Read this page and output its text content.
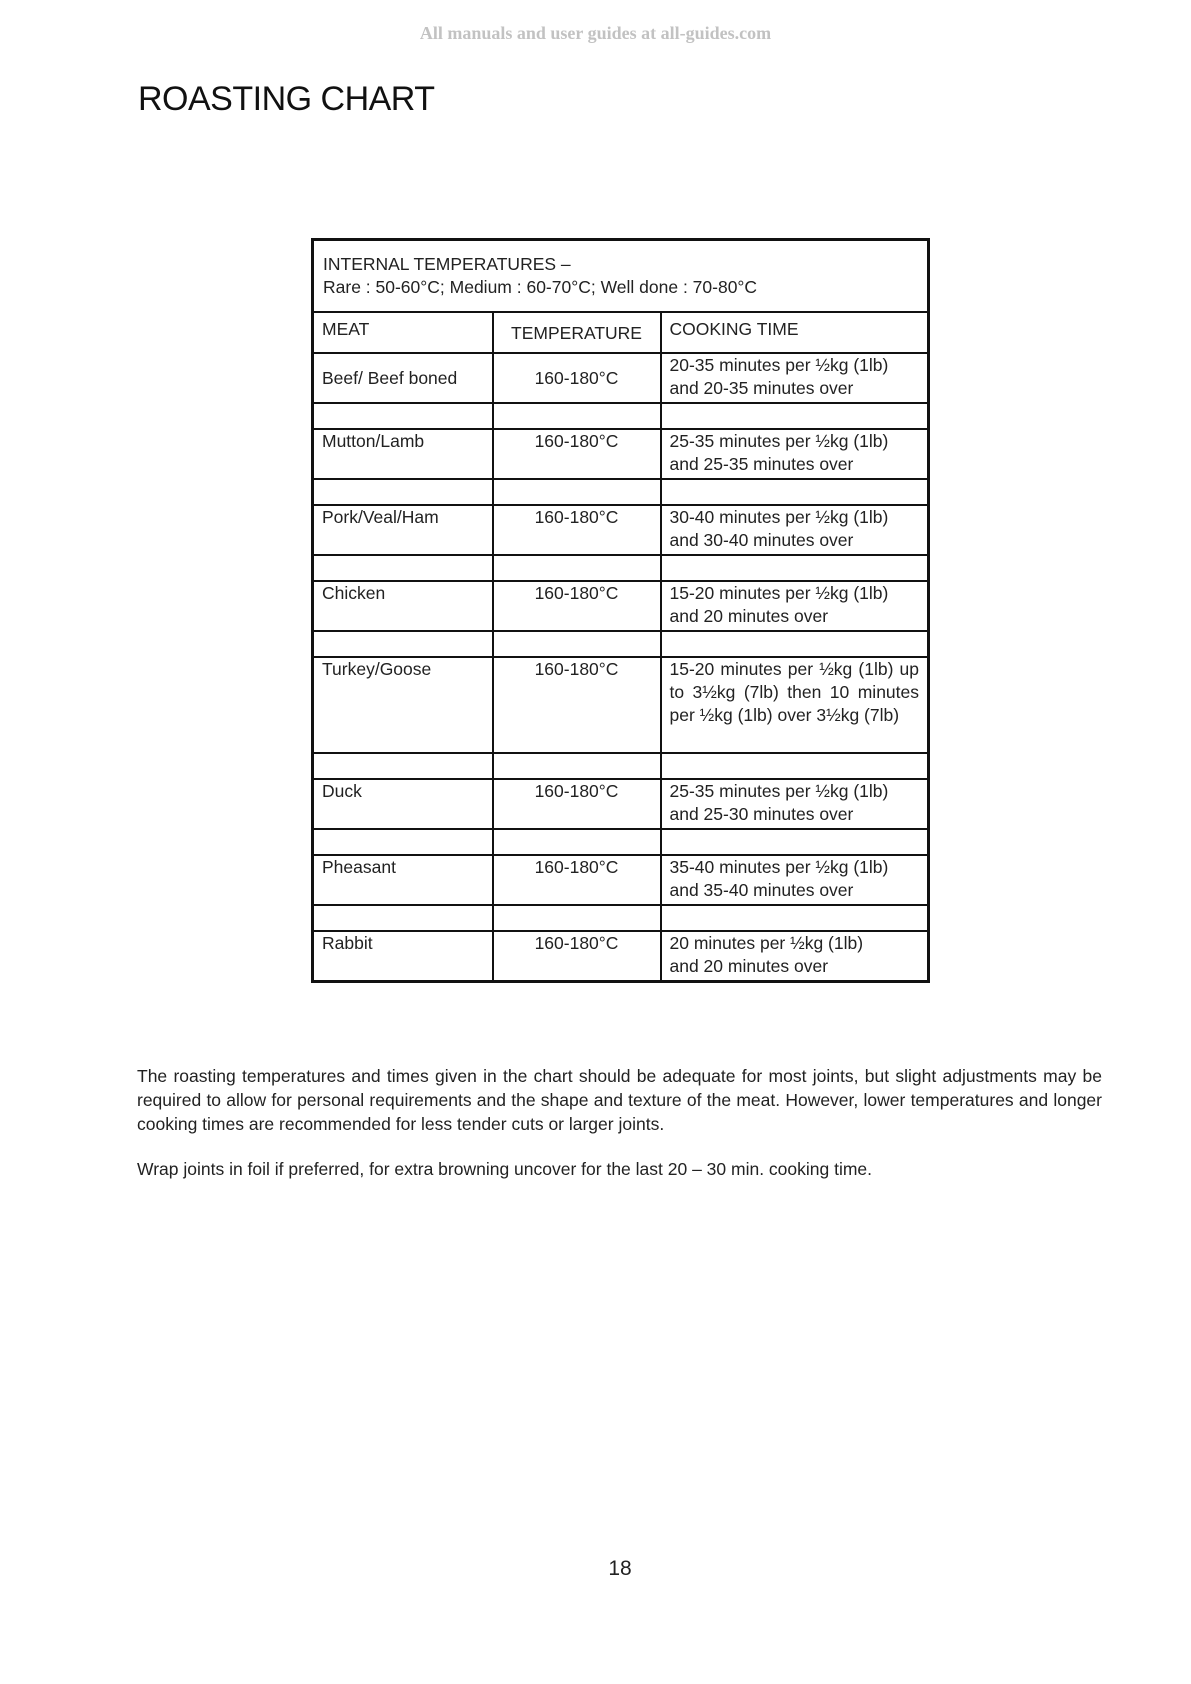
All manuals and user guides at all-guides.com
ROASTING CHART
INTERNAL TEMPERATURES –
Rare : 50-60°C; Medium : 60-70°C; Well done : 70-80°C		

MEAT	TEMPERATURE	COOKING TIME
Beef/ Beef boned	160-180°C	20-35 minutes per ½kg (1lb)
and 20-35 minutes over

Mutton/Lamb	160-180°C	25-35 minutes per ½kg (1lb)
and 25-35 minutes over

Pork/Veal/Ham	160-180°C	30-40 minutes per ½kg (1lb)
and 30-40 minutes over

Chicken	160-180°C	15-20 minutes per ½kg (1lb)
and 20 minutes over

Turkey/Goose	160-180°C	15-20 minutes per ½kg (1lb) up to 3½kg (7lb) then 10 minutes per ½kg (1lb) over 3½kg (7lb)

Duck	160-180°C	25-35 minutes per ½kg (1lb)
and 25-30 minutes over

Pheasant	160-180°C	35-40 minutes per ½kg (1lb)
and 35-40 minutes over

Rabbit	160-180°C	20 minutes per ½kg (1lb)
and 20 minutes over

The roasting temperatures and times given in the chart should be adequate for most joints, but slight adjustments may be required to allow for personal requirements and the shape and texture of the meat. However, lower temperatures and longer cooking times are recommended for less tender cuts or larger joints.

Wrap joints in foil if preferred, for extra browning uncover for the last 20 – 30 min. cooking time.

18
